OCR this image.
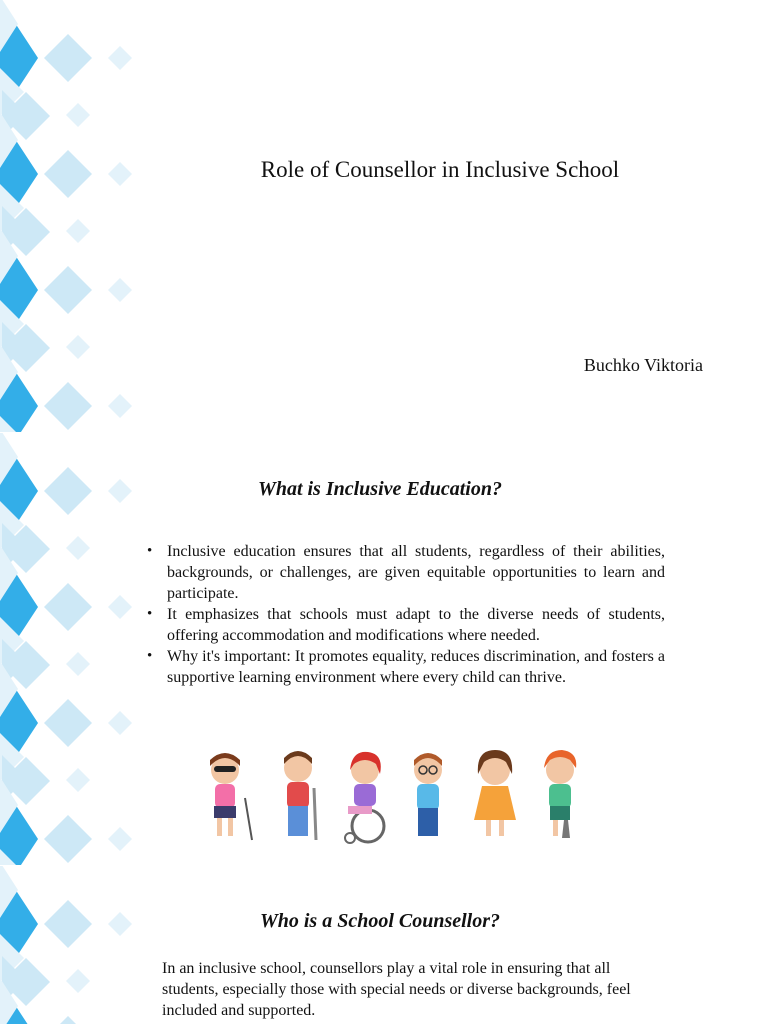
Role of Counsellor in Inclusive School
Buchko Viktoria
What is Inclusive Education?
• Inclusive education ensures that all students, regardless of their abilities, backgrounds, or challenges, are given equitable opportunities to learn and participate.
• It emphasizes that schools must adapt to the diverse needs of students, offering accommodation and modifications where needed.
• Why it's important: It promotes equality, reduces discrimination, and fosters a supportive learning environment where every child can thrive.
Who is a School Counsellor?

In an inclusive school, counsellors play a vital role in ensuring that all students, especially those with special needs or diverse backgrounds, feel included and supported.
